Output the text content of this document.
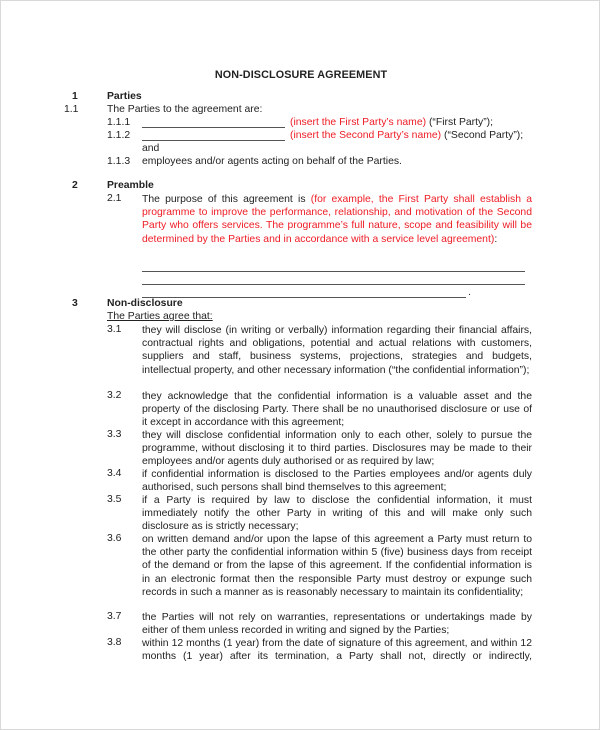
NON-DISCLOSURE AGREEMENT
1	Parties
1.1	The Parties to the agreement are:
1.1.1	(insert the First Party’s name) (“First Party”);
1.1.2	(insert the Second Party’s name) (“Second Party”);
and
1.1.3 employees and/or agents acting on behalf of the Parties.
2	Preamble
2.1 The purpose of this agreement is (for example, the First Party shall establish a programme to improve the performance, relationship, and motivation of the Second Party who offers services. The programme’s full nature, scope and feasibility will be determined by the Parties and in accordance with a service level agreement):
.
3	Non-disclosure
The Parties agree that:
3.1 they will disclose (in writing or verbally) information regarding their financial affairs, contractual rights and obligations, potential and actual relations with customers, suppliers and staff, business systems, projections, strategies and budgets, intellectual property, and other necessary information (“the confidential information”);
3.2 they acknowledge that the confidential information is a valuable asset and the property of the disclosing Party. There shall be no unauthorised disclosure or use of it except in accordance with this agreement;
3.3 they will disclose confidential information only to each other, solely to pursue the programme, without disclosing it to third parties. Disclosures may be made to their employees and/or agents duly authorised or as required by law;
3.4 if confidential information is disclosed to the Parties employees and/or agents duly authorised, such persons shall bind themselves to this agreement;
3.5 if a Party is required by law to disclose the confidential information, it must immediately notify the other Party in writing of this and will make only such disclosure as is strictly necessary;
3.6 on written demand and/or upon the lapse of this agreement a Party must return to the other party the confidential information within 5 (five) business days from receipt of the demand or from the lapse of this agreement. If the confidential information is in an electronic format then the responsible Party must destroy or expunge such records in such a manner as is reasonably necessary to maintain its confidentiality;
3.7 the Parties will not rely on warranties, representations or undertakings made by either of them unless recorded in writing and signed by the Parties;
3.8 within 12 months (1 year) from the date of signature of this agreement, and within 12 months (1 year) after its termination, a Party shall not, directly or indirectly,
